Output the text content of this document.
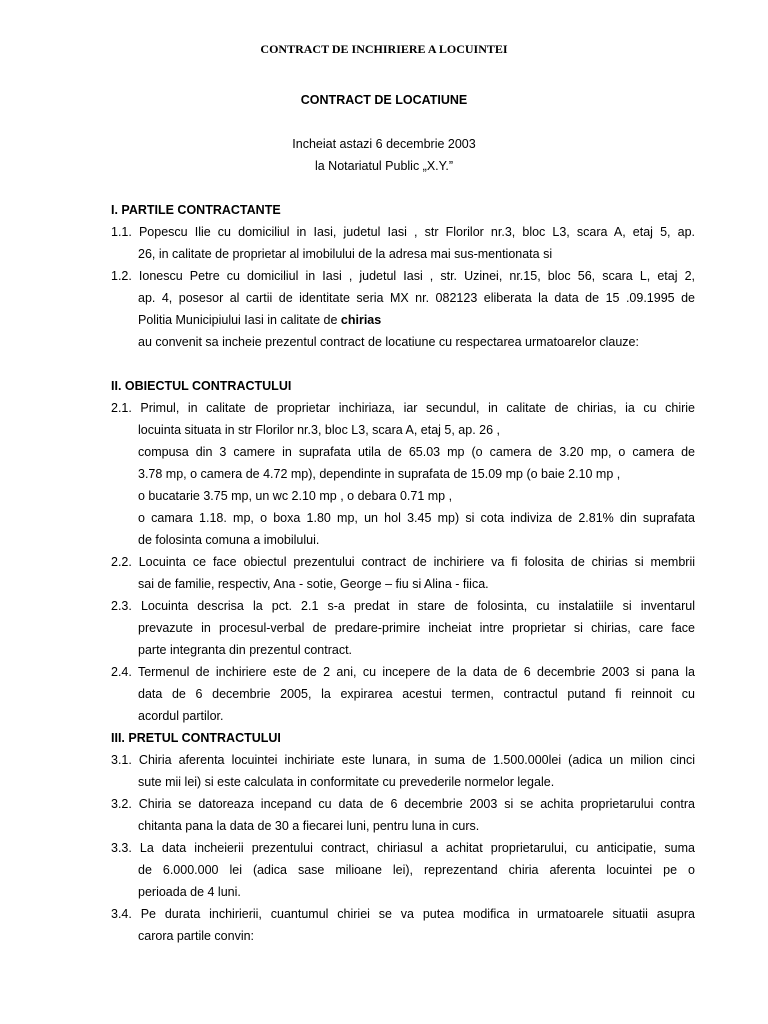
CONTRACT DE INCHIRIERE A LOCUINTEI
CONTRACT DE LOCATIUNE
Incheiat astazi 6 decembrie 2003
la Notariatul Public „X.Y.”
I. PARTILE CONTRACTANTE
1.1. Popescu Ilie cu domiciliul in Iasi, judetul Iasi , str Florilor nr.3, bloc L3, scara A, etaj 5, ap.
26, in calitate de proprietar al imobilului de la adresa mai sus-mentionata si
1.2. Ionescu Petre cu domiciliul in Iasi , judetul Iasi , str. Uzinei, nr.15, bloc 56, scara L, etaj 2,
ap. 4, posesor al cartii de identitate seria MX nr. 082123 eliberata la data de 15 .09.1995 de
Politia Municipiului Iasi in calitate de chirias
au convenit sa incheie prezentul contract de locatiune cu respectarea urmatoarelor clauze:
II. OBIECTUL CONTRACTULUI
2.1. Primul, in calitate de proprietar inchiriaza, iar secundul, in calitate de chirias, ia cu chirie
locuinta situata in str Florilor nr.3, bloc L3, scara A, etaj 5, ap. 26 ,
compusa din 3 camere in suprafata utila de 65.03 mp (o camera de 3.20 mp, o camera de
3.78 mp, o camera de 4.72 mp), dependinte in suprafata de 15.09 mp (o baie 2.10 mp ,
o bucatarie 3.75 mp, un wc 2.10 mp , o debara 0.71 mp ,
o camara 1.18. mp, o boxa 1.80 mp, un hol 3.45 mp) si cota indiviza de 2.81% din suprafata
de folosinta comuna a imobilului.
2.2. Locuinta ce face obiectul prezentului contract de inchiriere va fi folosita de chirias si membrii
sai de familie, respectiv, Ana - sotie, George – fiu si Alina - fiica.
2.3. Locuinta descrisa la pct. 2.1 s-a predat in stare de folosinta, cu instalatiile si inventarul
prevazute in procesul-verbal de predare-primire incheiat intre proprietar si chirias, care face
parte integranta din prezentul contract.
2.4. Termenul de inchiriere este de 2 ani, cu incepere de la data de 6 decembrie 2003 si pana la
data de 6 decembrie 2005, la expirarea acestui termen, contractul putand fi reinnoit cu
acordul partilor.
III. PRETUL CONTRACTULUI
3.1. Chiria aferenta locuintei inchiriate este lunara, in suma de 1.500.000lei (adica un milion cinci
sute mii lei) si este calculata in conformitate cu prevederile normelor legale.
3.2. Chiria se datoreaza incepand cu data de 6 decembrie 2003 si se achita proprietarului contra
chitanta pana la data de 30 a fiecarei luni, pentru luna in curs.
3.3. La data incheierii prezentului contract, chiriasul a achitat proprietarului, cu anticipatie, suma
de 6.000.000 lei (adica sase milioane lei), reprezentand chiria aferenta locuintei pe o
perioada de 4 luni.
3.4. Pe durata inchirierii, cuantumul chiriei se va putea modifica in urmatoarele situatii asupra
carora partile convin:
